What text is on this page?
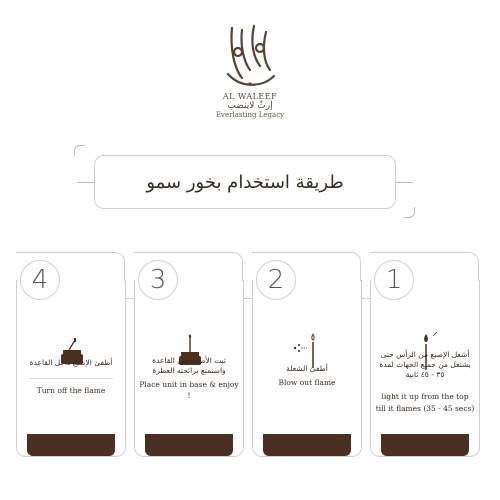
AL WALEEF
إرثٌ لاينضب
Everlasting Legacy
طريقة استخدام بخور سمو
أطفئ الإصبع داخل القاعدة
Turn off the flame
4
ثبت الأصبع على القاعدة واستمتع برائحته العطرة
Place unit in base & enjoy !
3
أطفئ الشعلة
Blow out flame
2
أشعل الإصبع من الرأس حتى يشتعل من جميع الجهات لمدة ٣٥ - ٤٥ ثانية
light it up from the top
till it flames (35 - 45 secs)
1
